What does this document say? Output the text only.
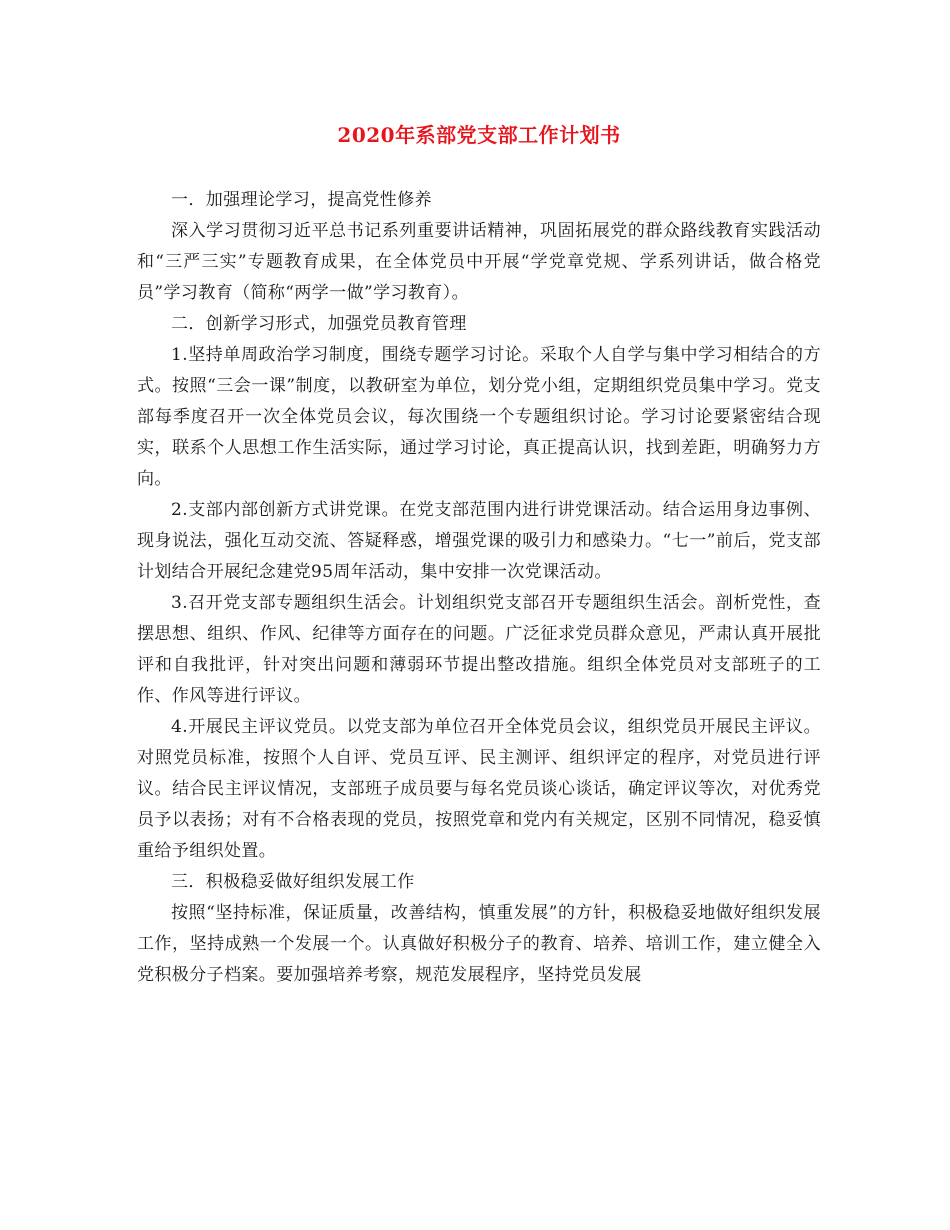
2020年系部党支部工作计划书

一．加强理论学习，提高党性修养

深入学习贯彻习近平总书记系列重要讲话精神，巩固拓展党的群众路线教育实践活动和“三严三实”专题教育成果，在全体党员中开展“学党章党规、学系列讲话，做合格党员”学习教育（简称“两学一做”学习教育）。

二．创新学习形式，加强党员教育管理

1.坚持单周政治学习制度，围绕专题学习讨论。采取个人自学与集中学习相结合的方式。按照“三会一课”制度，以教研室为单位，划分党小组，定期组织党员集中学习。党支部每季度召开一次全体党员会议，每次围绕一个专题组织讨论。学习讨论要紧密结合现实，联系个人思想工作生活实际，通过学习讨论，真正提高认识，找到差距，明确努力方向。

2.支部内部创新方式讲党课。在党支部范围内进行讲党课活动。结合运用身边事例、现身说法，强化互动交流、答疑释惑，增强党课的吸引力和感染力。“七一”前后，党支部计划结合开展纪念建党95周年活动，集中安排一次党课活动。

3.召开党支部专题组织生活会。计划组织党支部召开专题组织生活会。剖析党性，查摆思想、组织、作风、纪律等方面存在的问题。广泛征求党员群众意见，严肃认真开展批评和自我批评，针对突出问题和薄弱环节提出整改措施。组织全体党员对支部班子的工作、作风等进行评议。

4.开展民主评议党员。以党支部为单位召开全体党员会议，组织党员开展民主评议。对照党员标准，按照个人自评、党员互评、民主测评、组织评定的程序，对党员进行评议。结合民主评议情况，支部班子成员要与每名党员谈心谈话，确定评议等次，对优秀党员予以表扬；对有不合格表现的党员，按照党章和党内有关规定，区别不同情况，稳妥慎重给予组织处置。

三．积极稳妥做好组织发展工作

按照“坚持标准，保证质量，改善结构，慎重发展”的方针，积极稳妥地做好组织发展工作，坚持成熟一个发展一个。认真做好积极分子的教育、培养、培训工作，建立健全入党积极分子档案。要加强培养考察，规范发展程序，坚持党员发展
